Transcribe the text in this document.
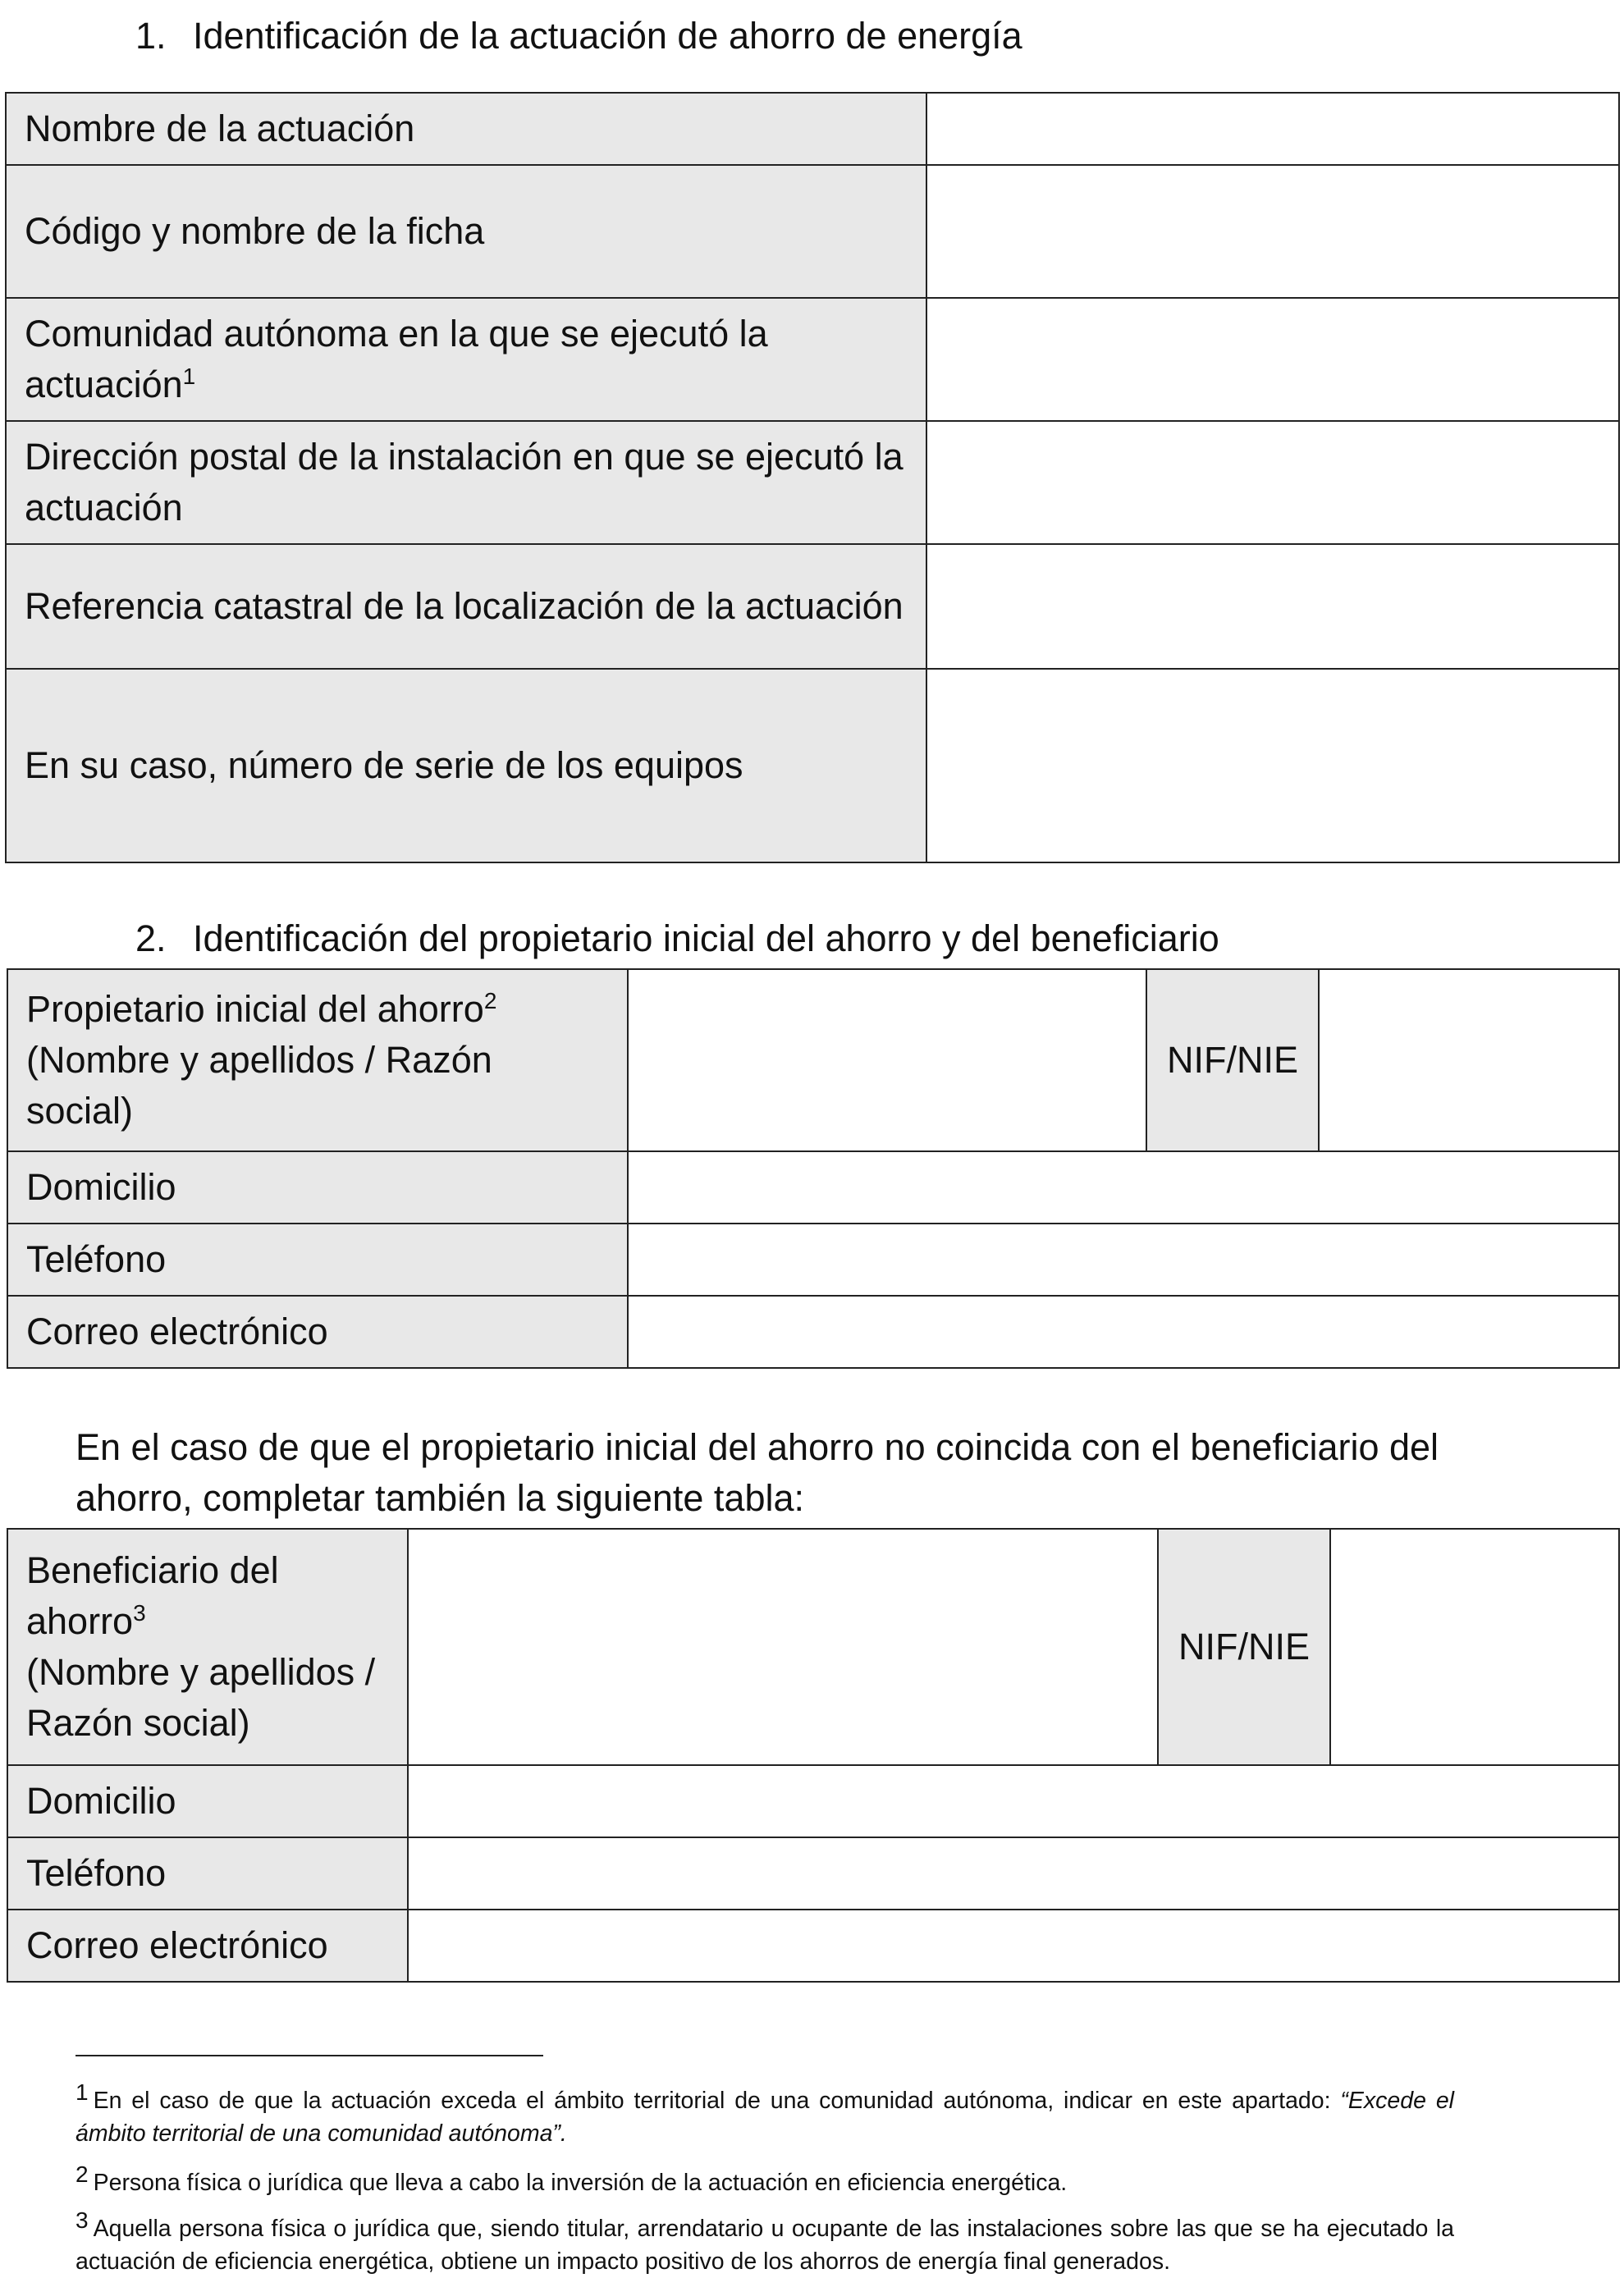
1. Identificación de la actuación de ahorro de energía
Nombre de la actuación	
Código y nombre de la ficha	
Comunidad autónoma en la que se ejecutó la actuación$^1$	
Dirección postal de la instalación en que se ejecutó la actuación	
Referencia catastral de la localización de la actuación	
En su caso, número de serie de los equipos	
2. Identificación del propietario inicial del ahorro y del beneficiario
Propietario inicial del ahorro$^2$
(Nombre y apellidos / Razón social)		NIF/NIE	
Domicilio			
Teléfono			
Correo electrónico			
En el caso de que el propietario inicial del ahorro no coincida con el beneficiario del ahorro, completar también la siguiente tabla:
Beneficiario del ahorro$^3$
(Nombre y apellidos / Razón social)		NIF/NIE	
Domicilio			
Teléfono			
Correo electrónico			
1 En el caso de que la actuación exceda el ámbito territorial de una comunidad autónoma, indicar en este apartado: “Excede el ámbito territorial de una comunidad autónoma”.
2 Persona física o jurídica que lleva a cabo la inversión de la actuación en eficiencia energética.
3 Aquella persona física o jurídica que, siendo titular, arrendatario u ocupante de las instalaciones sobre las que se ha ejecutado la actuación de eficiencia energética, obtiene un impacto positivo de los ahorros de energía final generados.
